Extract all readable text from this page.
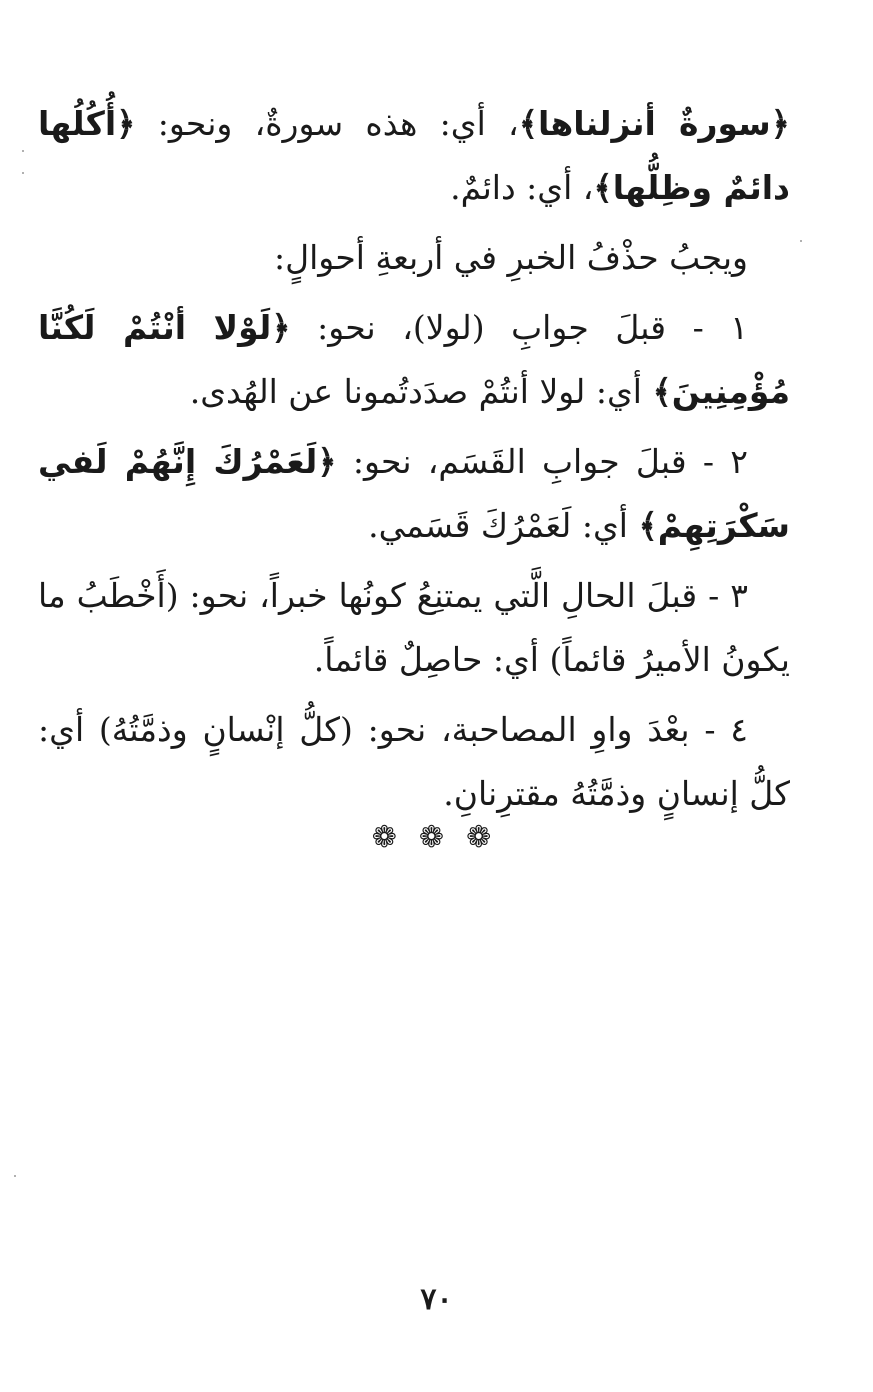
﴿سورةٌ أنزلناها﴾، أي: هذه سورةٌ، ونحو: ﴿أُكُلُها دائمٌ وظِلُّها﴾، أي: دائمٌ.

ويجبُ حذْفُ الخبرِ في أربعةِ أحوالٍ:

١ - قبلَ جوابِ (لولا)، نحو: ﴿لَوْلا أنْتُمْ لَكُنَّا مُؤْمِنِينَ﴾ أي: لولا أنتُمْ صدَدتُمونا عن الهُدى.

٢ - قبلَ جوابِ القَسَم، نحو: ﴿لَعَمْرُكَ إِنَّهُمْ لَفي سَكْرَتِهِمْ﴾ أي: لَعَمْرُكَ قَسَمي.

٣ - قبلَ الحالِ الَّتي يمتنِعُ كونُها خبراً، نحو: (أَخْطَبُ ما يكونُ الأميرُ قائماً) أي: حاصِلٌ قائماً.

٤ - بعْدَ واوِ المصاحبة، نحو: (كلُّ إنْسانٍ وذمَّتُهُ) أي: كلُّ إنسانٍ وذمَّتُهُ مقترِنانِ.

❁ ❁ ❁
٧٠
